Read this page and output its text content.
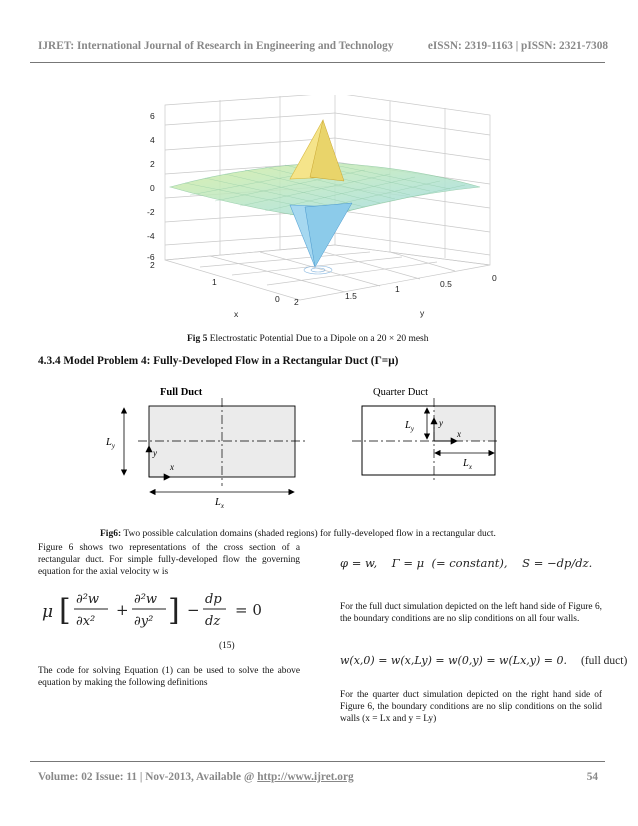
IJRET: International Journal of Research in Engineering and Technology	eISSN: 2319-1163 | pISSN: 2321-7308
6
4
2
0
-2
-4
-6
2
1
0 2
1.5
1	0.5
0
x	y
Fig 5 Electrostatic Potential Due to a Dipole on a 20 × 20 mesh
4.3.4 Model Problem 4: Fully-Developed Flow in a Rectangular Duct (Γ=μ)
Full Duct
$L_y$
y
x
$L_x$
Quarter Duct
$L_y$
y
x
$L_x$
Fig6: Two possible calculation domains (shaded regions) for fully-developed flow in a rectangular duct.
Figure 6 shows two representations of the cross section of a rectangular duct. For simple fully-developed flow the governing equation for the axial velocity w is
μ [ ∂²w
∂x²
+
∂²w
∂y² ] −
dp
dz
= 0
(15)
The code for solving Equation (1) can be used to solve the above equation by making the following definitions
φ = w,    Γ = μ  (= constant),    S = −dp/dz.
For the full duct simulation depicted on the left hand side of Figure 6, the boundary conditions are no slip conditions on all four walls.
w(x,0) = w(x,Ly) = w(0,y) = w(Lx,y) = 0. (full duct)
For the quarter duct simulation depicted on the right hand side of Figure 6, the boundary conditions are no slip conditions on the solid walls (x = Lx and y = Ly)
Volume: 02 Issue: 11 | Nov-2013, Available @ http://www.ijret.org	54
